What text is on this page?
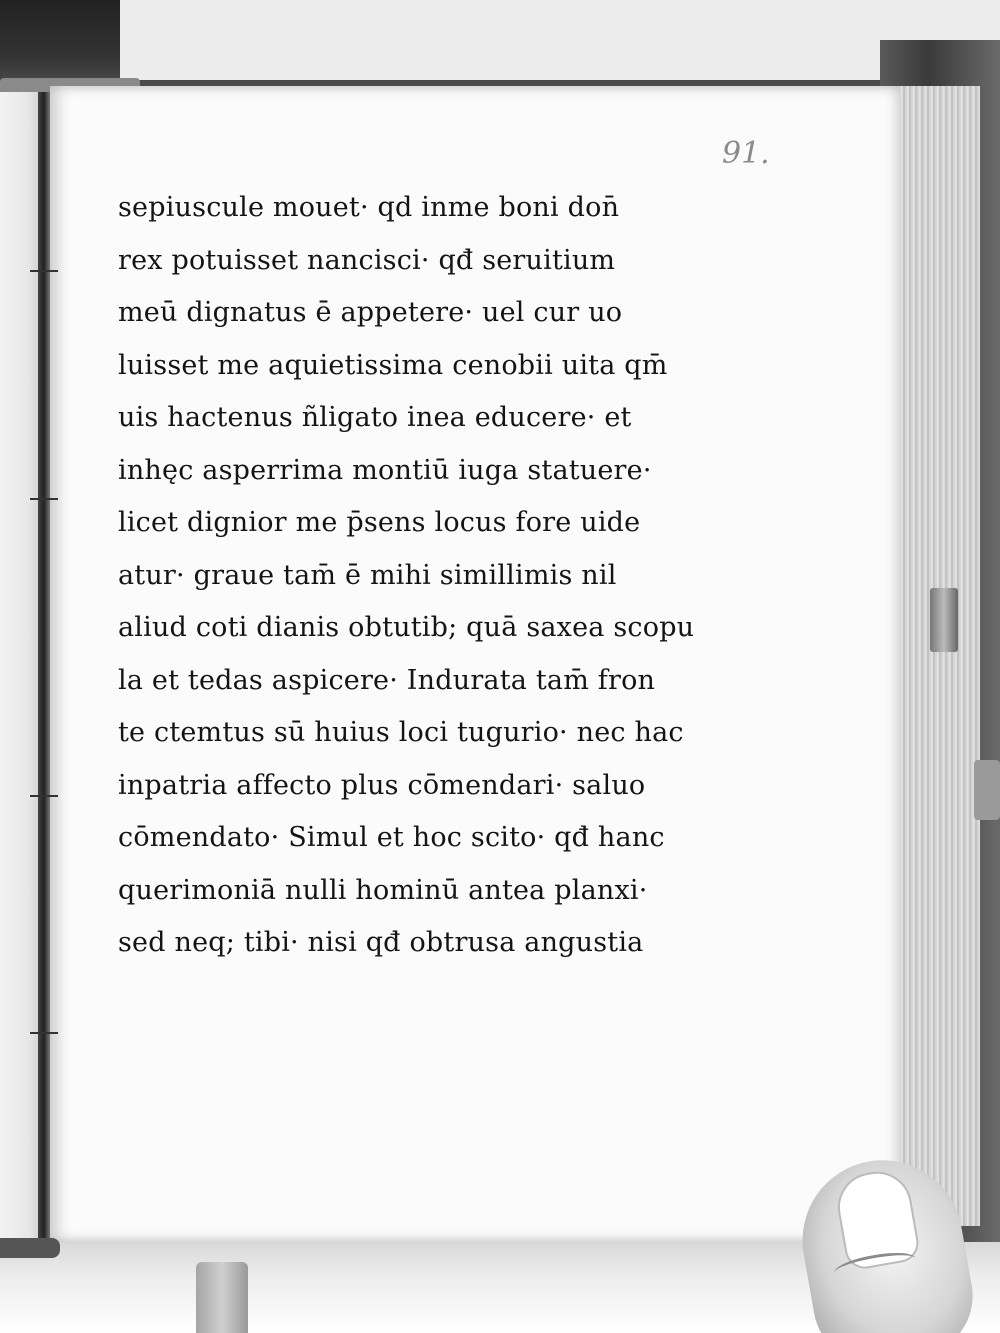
91.
sepiuscule mouet· qd inme boni don̄
rex potuisset nancisci· qđ seruitium
meū dignatus ē appetere· uel cur uo
luisset me aquietissima cenobii uita qm̄
uis hactenus ñligato inea educere· et
inhęc asperrima montiū iuga statuere·
licet dignior me p̄sens locus fore uide
atur· graue tam̄ ē mihi simillimis nil
aliud coti dianis obtutib; quā saxea scopu
la et tedas aspicere· Indurata tam̄ fron
te ctemtus sū huius loci tugurio· nec hac
inpatria affecto plus cōmendari· saluo
cōmendato· Simul et hoc scito· qđ hanc
querimoniā nulli hominū antea planxi·
sed neq; tibi· nisi qđ obtrusa angustia
